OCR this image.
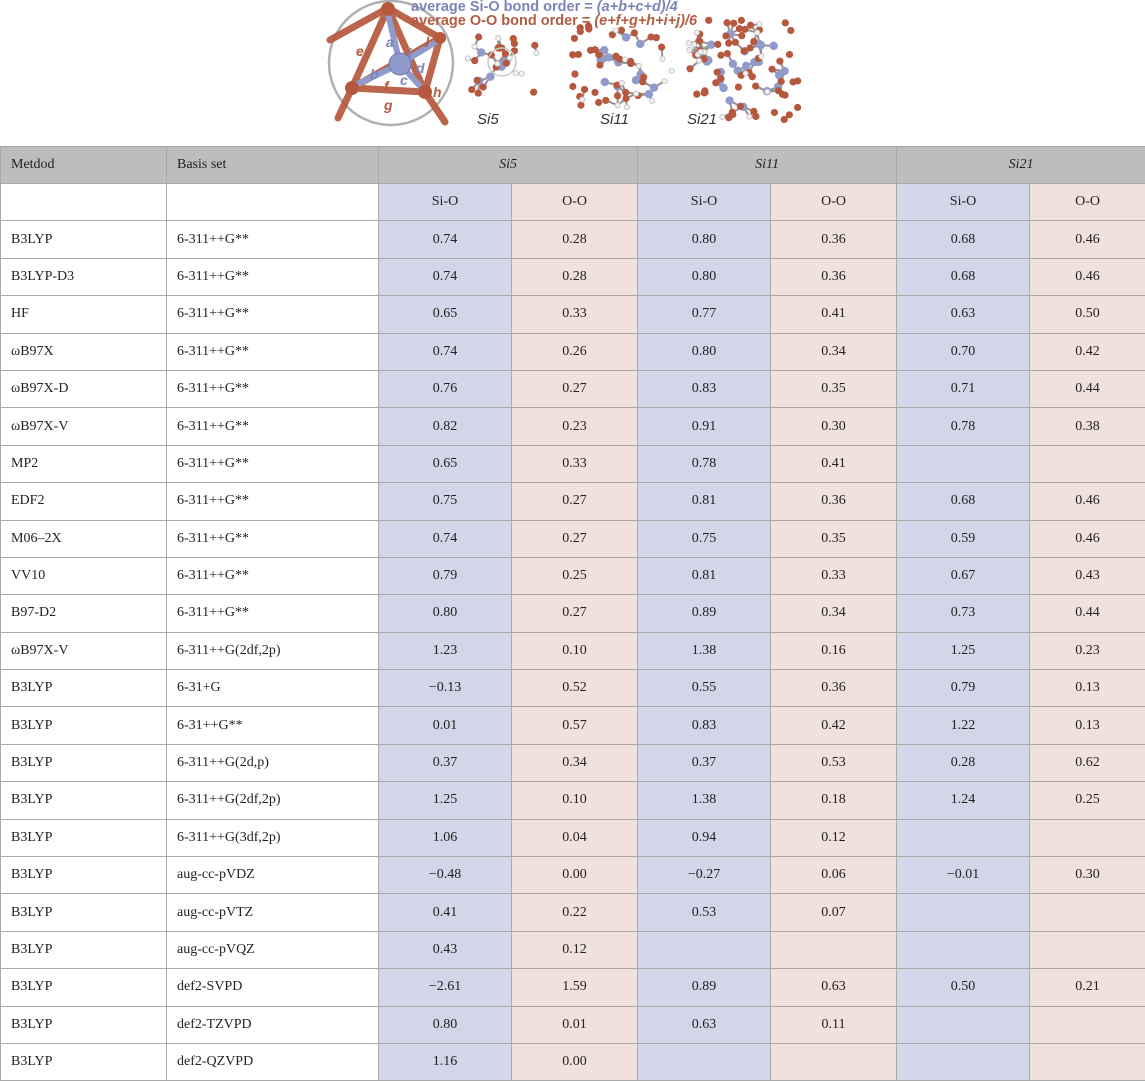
a
b c
d
e
f
g
h
i
j
average Si-O bond order = (a+b+c+d)/4
average O-O bond order = (e+f+g+h+i+j)/6
Si5	Si11	Si21
Metdod	Basis set	Si5		Si11		Si21	
		Si-O	O-O	Si-O	O-O	Si-O	O-O
B3LYP	6-311++G**	0.74	0.28	0.80	0.36	0.68	0.46
B3LYP-D3	6-311++G**	0.74	0.28	0.80	0.36	0.68	0.46
HF	6-311++G**	0.65	0.33	0.77	0.41	0.63	0.50
ωB97X	6-311++G**	0.74	0.26	0.80	0.34	0.70	0.42
ωB97X-D	6-311++G**	0.76	0.27	0.83	0.35	0.71	0.44
ωB97X-V	6-311++G**	0.82	0.23	0.91	0.30	0.78	0.38
MP2	6-311++G**	0.65	0.33	0.78	0.41		
EDF2	6-311++G**	0.75	0.27	0.81	0.36	0.68	0.46
M06–2X	6-311++G**	0.74	0.27	0.75	0.35	0.59	0.46
VV10	6-311++G**	0.79	0.25	0.81	0.33	0.67	0.43
B97-D2	6-311++G**	0.80	0.27	0.89	0.34	0.73	0.44
ωB97X-V	6-311++G(2df,2p)	1.23	0.10	1.38	0.16	1.25	0.23
B3LYP	6-31+G	−0.13	0.52	0.55	0.36	0.79	0.13
B3LYP	6-31++G**	0.01	0.57	0.83	0.42	1.22	0.13
B3LYP	6-311++G(2d,p)	0.37	0.34	0.37	0.53	0.28	0.62
B3LYP	6-311++G(2df,2p)	1.25	0.10	1.38	0.18	1.24	0.25
B3LYP	6-311++G(3df,2p)	1.06	0.04	0.94	0.12		
B3LYP	aug-cc-pVDZ	−0.48	0.00	−0.27	0.06	−0.01	0.30
B3LYP	aug-cc-pVTZ	0.41	0.22	0.53	0.07		
B3LYP	aug-cc-pVQZ	0.43	0.12				
B3LYP	def2-SVPD	−2.61	1.59	0.89	0.63	0.50	0.21
B3LYP	def2-TZVPD	0.80	0.01	0.63	0.11		
B3LYP	def2-QZVPD	1.16	0.00				
